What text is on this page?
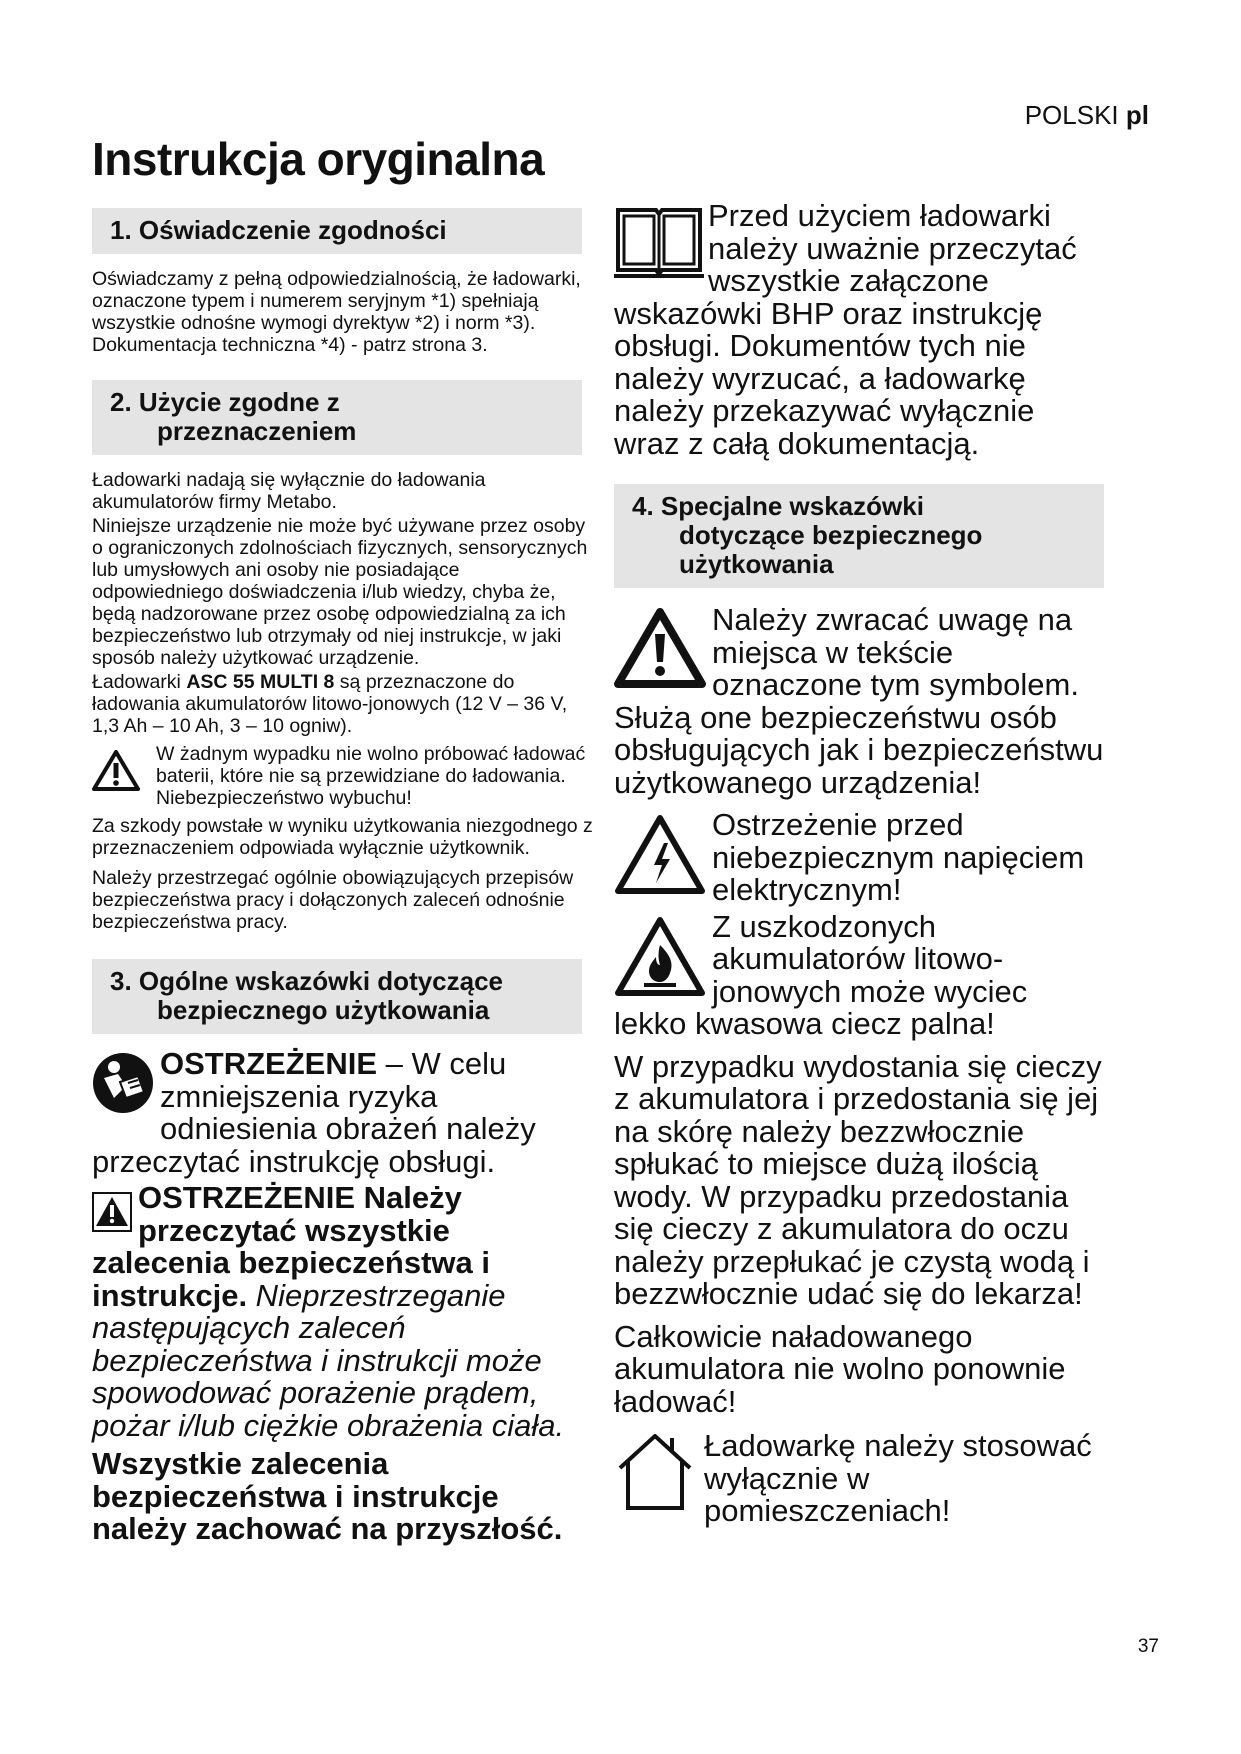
POLSKI pl
Instrukcja oryginalna
1. Oświadczenie zgodności

Oświadczamy z pełną odpowiedzialnością, że ładowarki, oznaczone typem i numerem seryjnym *1) spełniają wszystkie odnośne wymogi dyrektyw *2) i norm *3). Dokumentacja techniczna *4) - patrz strona 3.

2. Użycie zgodne z
przeznaczeniem

Ładowarki nadają się wyłącznie do ładowania akumulatorów firmy Metabo.

Niniejsze urządzenie nie może być używane przez osoby o ograniczonych zdolnościach fizycznych, sensorycznych lub umysłowych ani osoby nie posiadające odpowiedniego doświadczenia i/lub wiedzy, chyba że, będą nadzorowane przez osobę odpowiedzialną za ich bezpieczeństwo lub otrzymały od niej instrukcje, w jaki sposób należy użytkować urządzenie.

Ładowarki ASC 55 MULTI 8 są przeznaczone do ładowania akumulatorów litowo-jonowych (12 V – 36 V, 1,3 Ah – 10 Ah, 3 – 10 ogniw).

W żadnym wypadku nie wolno próbować ładować baterii, które nie są przewidziane do ładowania. Niebezpieczeństwo wybuchu!

Za szkody powstałe w wyniku użytkowania niezgodnego z przeznaczeniem odpowiada wyłącznie użytkownik.

Należy przestrzegać ogólnie obowiązujących przepisów bezpieczeństwa pracy i dołączonych zaleceń odnośnie bezpieczeństwa pracy.

3. Ogólne wskazówki dotyczące
bezpiecznego użytkowania
OSTRZEŻENIE – W celu zmniejszenia ryzyka odniesienia obrażeń należy przeczytać instrukcję obsługi.
OSTRZEŻENIE Należy przeczytać wszystkie zalecenia bezpieczeństwa i instrukcje. Nieprzestrzeganie następujących zaleceń bezpieczeństwa i instrukcji może spowodować porażenie prądem, pożar i/lub ciężkie obrażenia ciała.
Wszystkie zalecenia bezpieczeństwa i instrukcje należy zachować na przyszłość.
Przed użyciem ładowarki należy uważnie przeczytać wszystkie załączone wskazówki BHP oraz instrukcję obsługi. Dokumentów tych nie należy wyrzucać, a ładowarkę należy przekazywać wyłącznie wraz z całą dokumentacją.
4. Specjalne wskazówki
dotyczące bezpiecznego
użytkowania
Należy zwracać uwagę na miejsca w tekście oznaczone tym symbolem. Służą one bezpieczeństwu osób obsługujących jak i bezpieczeństwu użytkowanego urządzenia!
Ostrzeżenie przed niebezpiecznym napięciem elektrycznym!
Z uszkodzonych akumulatorów litowo-jonowych może wyciec lekko kwasowa ciecz palna!

W przypadku wydostania się cieczy z akumulatora i przedostania się jej na skórę należy bezzwłocznie spłukać to miejsce dużą ilością wody. W przypadku przedostania się cieczy z akumulatora do oczu należy przepłukać je czystą wodą i bezzwłocznie udać się do lekarza!

Całkowicie naładowanego akumulatora nie wolno ponownie ładować!

Ładowarkę należy stosować wyłącznie w pomieszczeniach!
37
